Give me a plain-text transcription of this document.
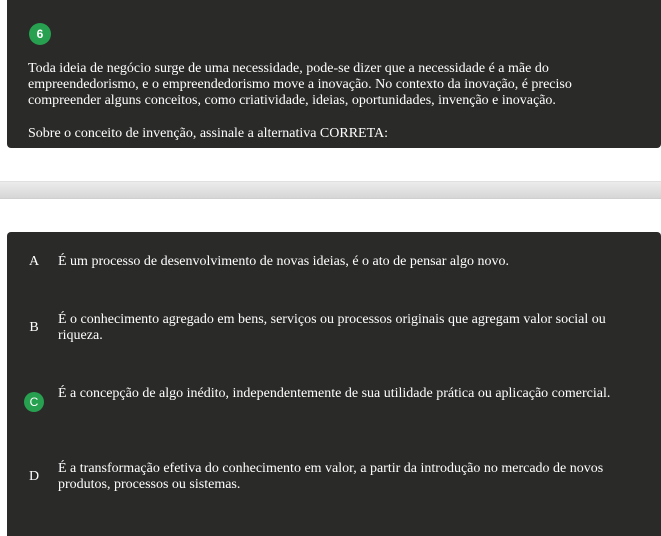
6

Toda ideia de negócio surge de uma necessidade, pode-se dizer que a necessidade é a mãe do empreendedorismo, e o empreendedorismo move a inovação. No contexto da inovação, é preciso compreender alguns conceitos, como criatividade, ideias, oportunidades, invenção e inovação.

Sobre o conceito de invenção, assinale a alternativa CORRETA:

A	É um processo de desenvolvimento de novas ideias, é o ato de pensar algo novo.

B

É o conhecimento agregado em bens, serviços ou processos originais que agregam valor social ou riqueza.

C

É a concepção de algo inédito, independentemente de sua utilidade prática ou aplicação comercial.

D

É a transformação efetiva do conhecimento em valor, a partir da introdução no mercado de novos produtos, processos ou sistemas.
